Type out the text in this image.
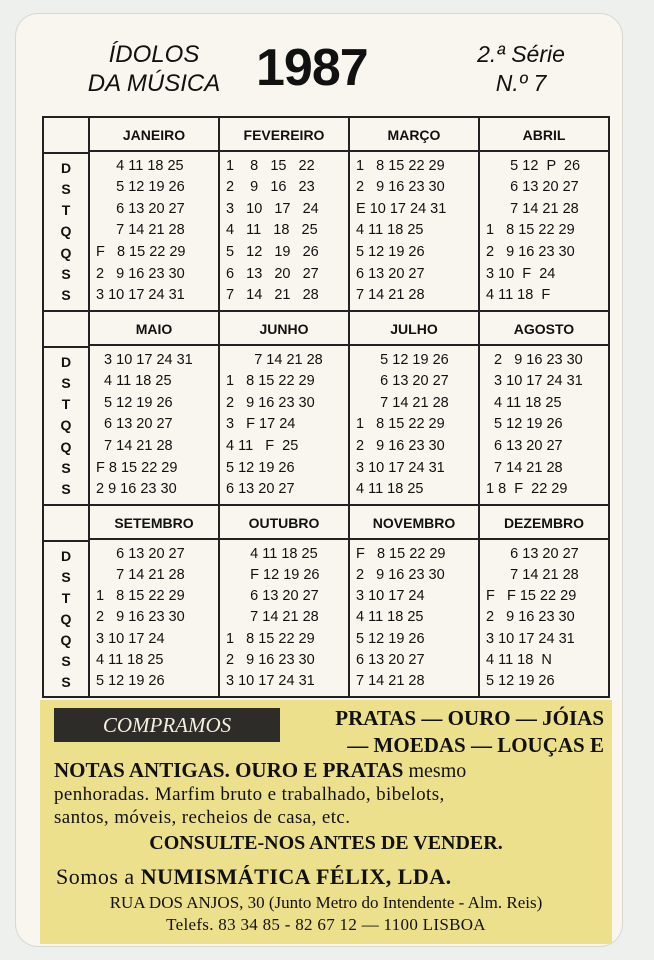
ÍDOLOS
DA MÚSICA 1987	2.ª Série
N.º 7
D
S
T
Q
Q
S
S
JANEIRO
4 11 18 25
5 12 19 26
6 13 20 27
7 14 21 28
F   8 15 22 29
2   9 16 23 30
3 10 17 24 31
FEVEREIRO
1    8   15   22
2    9   16   23
3   10   17   24
4   11   18   25
5   12   19   26
6   13   20   27
7   14   21   28
MARÇO
1   8 15 22 29
2   9 16 23 30
E 10 17 24 31
4 11 18 25
5 12 19 26
6 13 20 27
7 14 21 28
ABRIL
5 12  P  26
6 13 20 27
7 14 21 28
1   8 15 22 29
2   9 16 23 30
3 10  F  24
4 11 18  F
D
S
T
Q
Q
S
S
MAIO
3 10 17 24 31
4 11 18 25
5 12 19 26
6 13 20 27
7 14 21 28
F 8 15 22 29
2 9 16 23 30
JUNHO
7 14 21 28
1   8 15 22 29
2   9 16 23 30
3   F 17 24
4 11   F  25
5 12 19 26
6 13 20 27
JULHO
5 12 19 26
6 13 20 27
7 14 21 28
1   8 15 22 29
2   9 16 23 30
3 10 17 24 31
4 11 18 25
AGOSTO
2   9 16 23 30
3 10 17 24 31
4 11 18 25
5 12 19 26
6 13 20 27
7 14 21 28
1 8  F  22 29
D
S
T
Q
Q
S
S
SETEMBRO
6 13 20 27
7 14 21 28
1   8 15 22 29
2   9 16 23 30
3 10 17 24
4 11 18 25
5 12 19 26
OUTUBRO
4 11 18 25
F 12 19 26
6 13 20 27
7 14 21 28
1   8 15 22 29
2   9 16 23 30
3 10 17 24 31
NOVEMBRO
F   8 15 22 29
2   9 16 23 30
3 10 17 24
4 11 18 25
5 12 19 26
6 13 20 27
7 14 21 28
DEZEMBRO
6 13 20 27
7 14 21 28
F   F 15 22 29
2   9 16 23 30
3 10 17 24 31
4 11 18  N
5 12 19 26
COMPRAMOS	PRATAS — OURO — JÓIAS
— MOEDAS — LOUÇAS E
NOTAS ANTIGAS. OURO E PRATAS mesmo
penhoradas. Marfim bruto e trabalhado, bibelots,
santos, móveis, recheios de casa, etc.
CONSULTE-NOS ANTES DE VENDER.
Somos a NUMISMÁTICA FÉLIX, LDA.
RUA DOS ANJOS, 30 (Junto Metro do Intendente - Alm. Reis)
Telefs. 83 34 85 - 82 67 12 — 1100 LISBOA
